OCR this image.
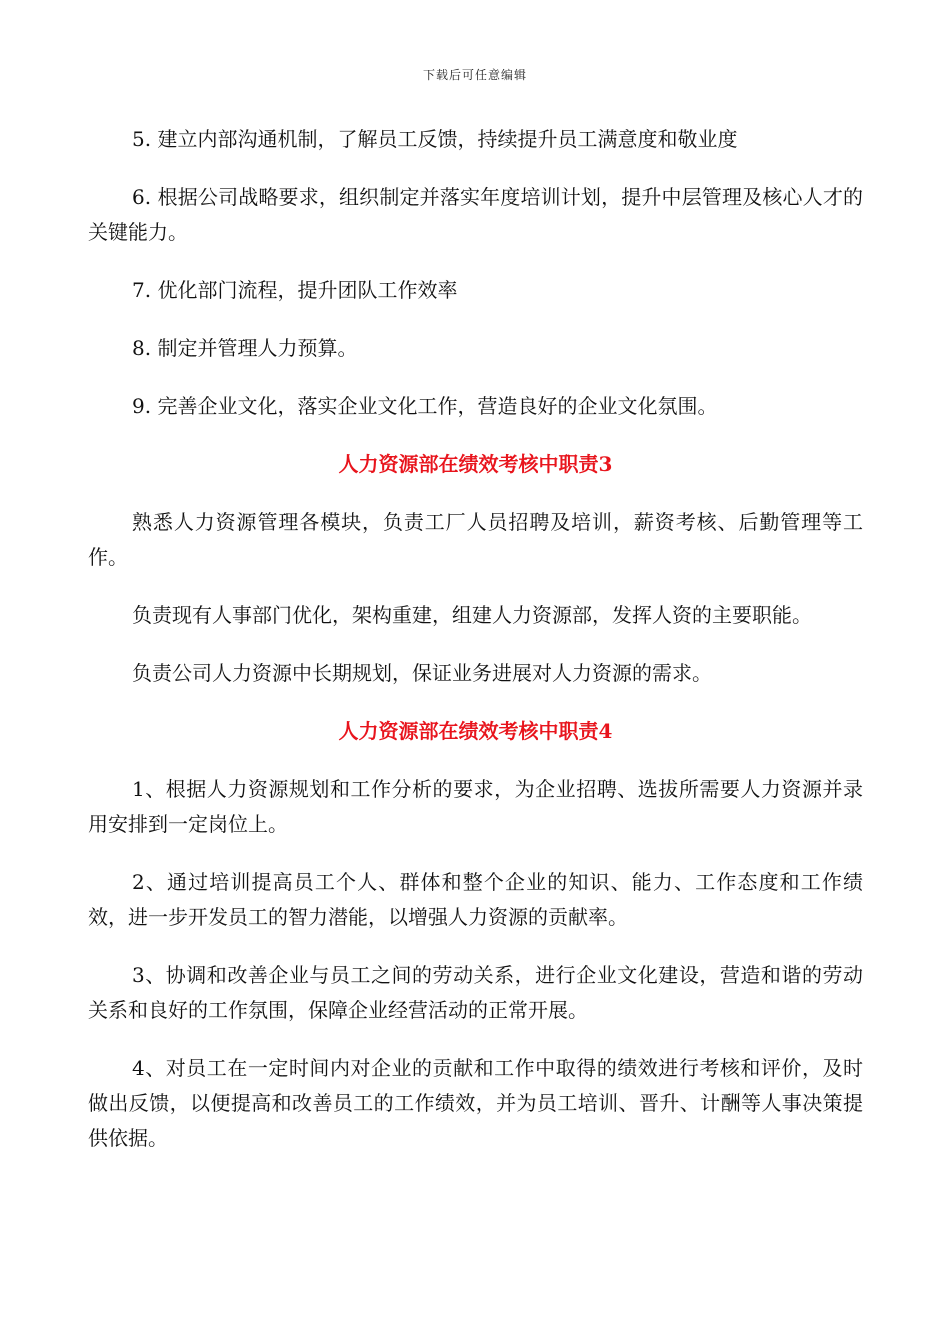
下载后可任意编辑

5. 建立内部沟通机制，了解员工反馈，持续提升员工满意度和敬业度

6. 根据公司战略要求，组织制定并落实年度培训计划，提升中层管理及核心人才的关键能力。

7. 优化部门流程，提升团队工作效率

8. 制定并管理人力预算。

9. 完善企业文化，落实企业文化工作，营造良好的企业文化氛围。

人力资源部在绩效考核中职责3

熟悉人力资源管理各模块，负责工厂人员招聘及培训，薪资考核、后勤管理等工作。

负责现有人事部门优化，架构重建，组建人力资源部，发挥人资的主要职能。

负责公司人力资源中长期规划，保证业务进展对人力资源的需求。

人力资源部在绩效考核中职责4

1、根据人力资源规划和工作分析的要求，为企业招聘、选拔所需要人力资源并录用安排到一定岗位上。

2、通过培训提高员工个人、群体和整个企业的知识、能力、工作态度和工作绩效，进一步开发员工的智力潜能，以增强人力资源的贡献率。

3、协调和改善企业与员工之间的劳动关系，进行企业文化建设，营造和谐的劳动关系和良好的工作氛围，保障企业经营活动的正常开展。

4、对员工在一定时间内对企业的贡献和工作中取得的绩效进行考核和评价，及时做出反馈，以便提高和改善员工的工作绩效，并为员工培训、晋升、计酬等人事决策提供依据。
